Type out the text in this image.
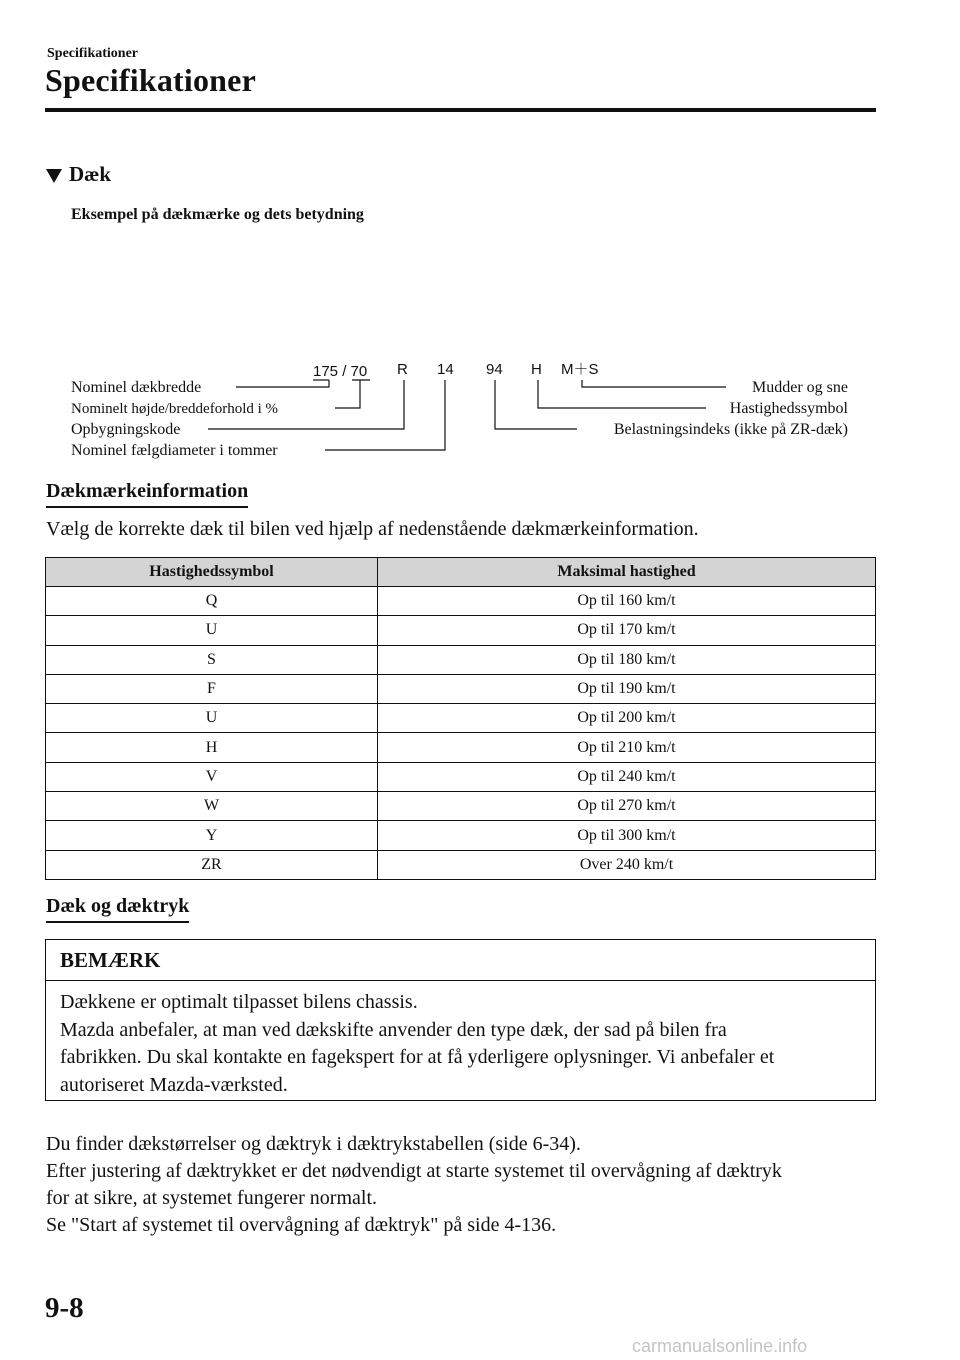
Specifikationer
Specifikationer
Dæk
Eksempel på dækmærke og dets betydning
175 / 70 R 14 94 H M＋S
Nominel dækbredde
Nominelt højde/breddeforhold i %
Opbygningskode
Nominel fælgdiameter i tommer
Mudder og sne
Hastighedssymbol
Belastningsindeks (ikke på ZR-dæk)
Dækmærkeinformation
Vælg de korrekte dæk til bilen ved hjælp af nedenstående dækmærkeinformation.
Hastighedssymbol	Maksimal hastighed
Q	Op til 160 km/t
U	Op til 170 km/t
S	Op til 180 km/t
F	Op til 190 km/t
U	Op til 200 km/t
H	Op til 210 km/t
V	Op til 240 km/t
W	Op til 270 km/t
Y	Op til 300 km/t
ZR	Over 240 km/t
Dæk og dæktryk
BEMÆRK
Dækkene er optimalt tilpasset bilens chassis.
Mazda anbefaler, at man ved dækskifte anvender den type dæk, der sad på bilen fra
fabrikken. Du skal kontakte en fagekspert for at få yderligere oplysninger. Vi anbefaler et
autoriseret Mazda-værksted.
Du finder dækstørrelser og dæktryk i dæktrykstabellen (side 6-34).
Efter justering af dæktrykket er det nødvendigt at starte systemet til overvågning af dæktryk
for at sikre, at systemet fungerer normalt.
Se "Start af systemet til overvågning af dæktryk" på side 4-136.
9-8
carmanualsonline.info
